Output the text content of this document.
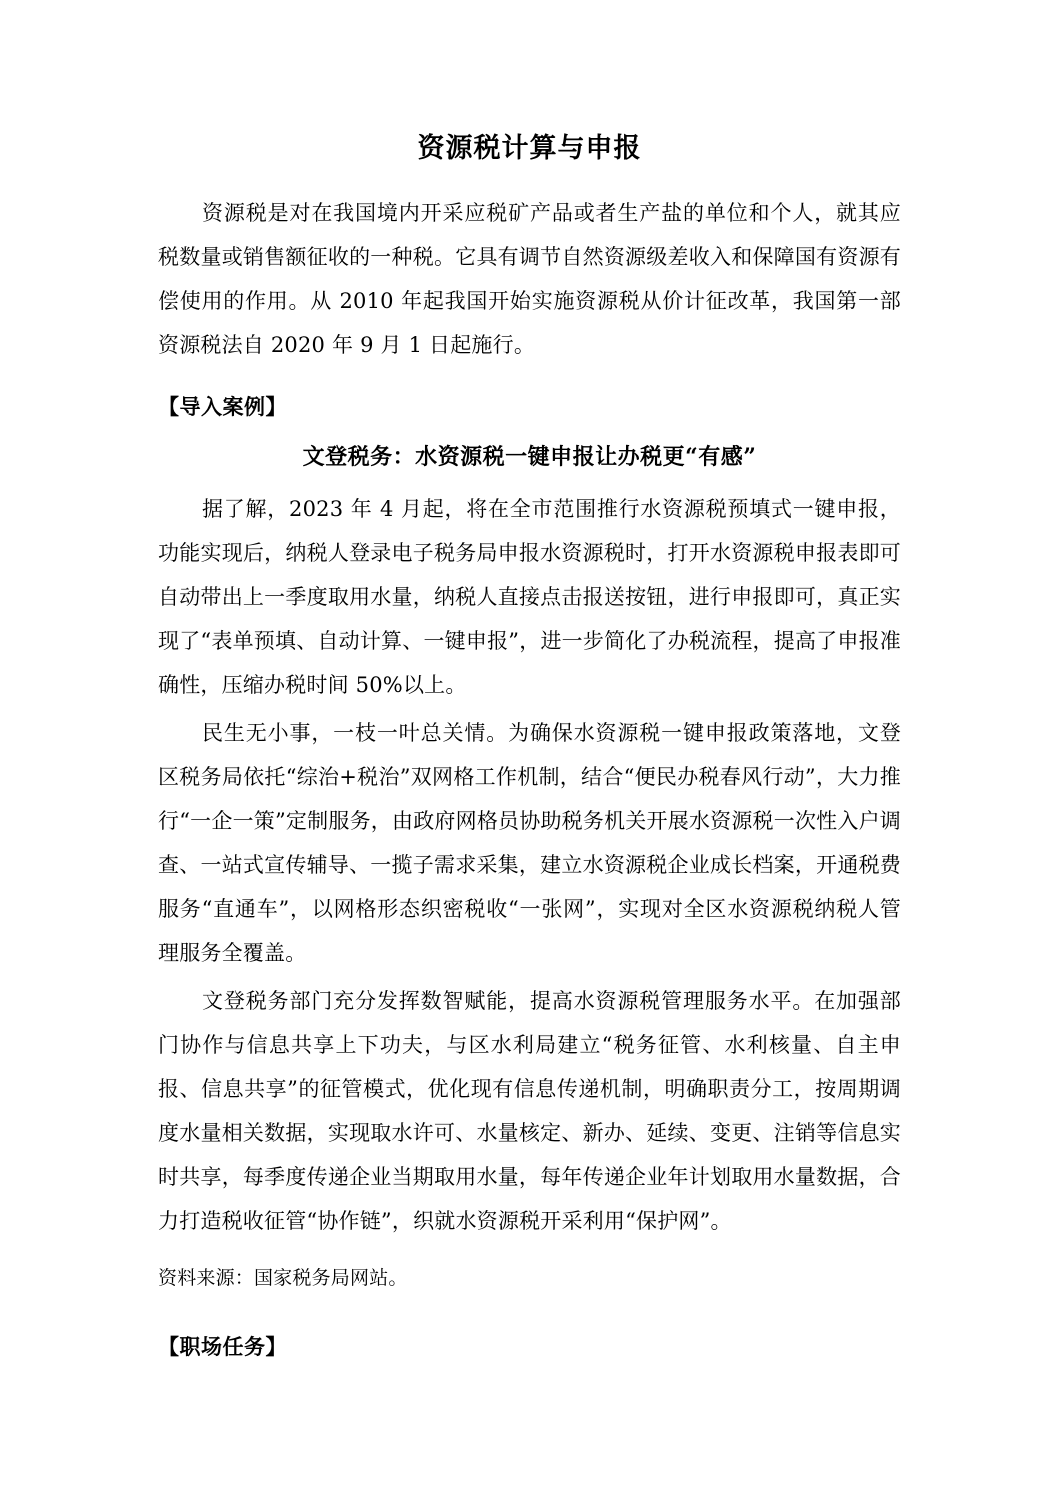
资源税计算与申报

资源税是对在我国境内开采应税矿产品或者生产盐的单位和个人，就其应税数量或销售额征收的一种税。它具有调节自然资源级差收入和保障国有资源有偿使用的作用。从 2010 年起我国开始实施资源税从价计征改革，我国第一部资源税法自 2020 年 9 月 1 日起施行。

【导入案例】

文登税务：水资源税一键申报让办税更“有感”

据了解，2023 年 4 月起，将在全市范围推行水资源税预填式一键申报，功能实现后，纳税人登录电子税务局申报水资源税时，打开水资源税申报表即可自动带出上一季度取用水量，纳税人直接点击报送按钮，进行申报即可，真正实现了“表单预填、自动计算、一键申报”，进一步简化了办税流程，提高了申报准确性，压缩办税时间 50%以上。

民生无小事，一枝一叶总关情。为确保水资源税一键申报政策落地，文登区税务局依托“综治+税治”双网格工作机制，结合“便民办税春风行动”，大力推行“一企一策”定制服务，由政府网格员协助税务机关开展水资源税一次性入户调查、一站式宣传辅导、一揽子需求采集，建立水资源税企业成长档案，开通税费服务“直通车”，以网格形态织密税收“一张网”，实现对全区水资源税纳税人管理服务全覆盖。

文登税务部门充分发挥数智赋能，提高水资源税管理服务水平。在加强部门协作与信息共享上下功夫，与区水利局建立“税务征管、水利核量、自主申报、信息共享”的征管模式，优化现有信息传递机制，明确职责分工，按周期调度水量相关数据，实现取水许可、水量核定、新办、延续、变更、注销等信息实时共享，每季度传递企业当期取用水量，每年传递企业年计划取用水量数据，合力打造税收征管“协作链”，织就水资源税开采利用“保护网”。

资料来源：国家税务局网站。

【职场任务】
